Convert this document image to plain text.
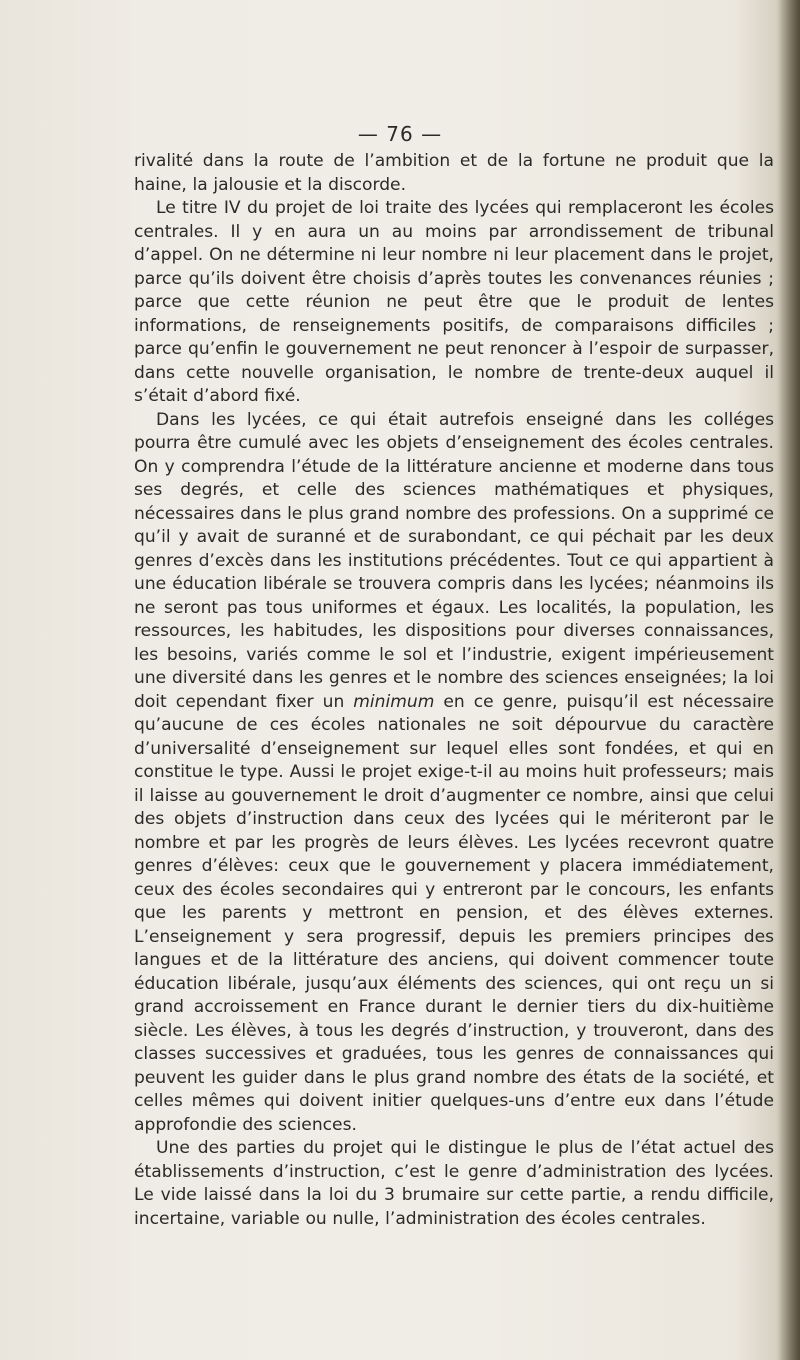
— 76 —

rivalité dans la route de l’ambition et de la fortune ne produit que la haine, la jalousie et la discorde.

Le titre IV du projet de loi traite des lycées qui remplaceront les écoles centrales. Il y en aura un au moins par arrondissement de tribunal d’appel. On ne détermine ni leur nombre ni leur placement dans le projet, parce qu’ils doivent être choisis d’après toutes les convenances réunies ; parce que cette réunion ne peut être que le produit de lentes informations, de renseignements positifs, de comparaisons difficiles ; parce qu’enfin le gouvernement ne peut renoncer à l’espoir de surpasser, dans cette nouvelle organisation, le nombre de trente-deux auquel il s’était d’abord fixé.

Dans les lycées, ce qui était autrefois enseigné dans les colléges pourra être cumulé avec les objets d’enseignement des écoles centrales. On y comprendra l’étude de la littérature ancienne et moderne dans tous ses degrés, et celle des sciences mathématiques et physiques, nécessaires dans le plus grand nombre des professions. On a supprimé ce qu’il y avait de suranné et de surabondant, ce qui péchait par les deux genres d’excès dans les institutions précédentes. Tout ce qui appartient à une éducation libérale se trouvera compris dans les lycées; néanmoins ils ne seront pas tous uniformes et égaux. Les localités, la population, les ressources, les habitudes, les dispositions pour diverses connaissances, les besoins, variés comme le sol et l’industrie, exigent impérieusement une diversité dans les genres et le nombre des sciences enseignées; la loi doit cependant fixer un minimum en ce genre, puisqu’il est nécessaire qu’aucune de ces écoles nationales ne soit dépourvue du caractère d’universalité d’enseignement sur lequel elles sont fondées, et qui en constitue le type. Aussi le projet exige-t-il au moins huit professeurs; mais il laisse au gouvernement le droit d’augmenter ce nombre, ainsi que celui des objets d’instruction dans ceux des lycées qui le mériteront par le nombre et par les progrès de leurs élèves. Les lycées recevront quatre genres d’élèves: ceux que le gouvernement y placera immédiatement, ceux des écoles secondaires qui y entreront par le concours, les enfants que les parents y mettront en pension, et des élèves externes. L’enseignement y sera progressif, depuis les premiers principes des langues et de la littérature des anciens, qui doivent commencer toute éducation libérale, jusqu’aux éléments des sciences, qui ont reçu un si grand accroissement en France durant le dernier tiers du dix-huitième siècle. Les élèves, à tous les degrés d’instruction, y trouveront, dans des classes successives et graduées, tous les genres de connaissances qui peuvent les guider dans le plus grand nombre des états de la société, et celles mêmes qui doivent initier quelques-uns d’entre eux dans l’étude approfondie des sciences.

Une des parties du projet qui le distingue le plus de l’état actuel des établissements d’instruction, c’est le genre d’administration des lycées. Le vide laissé dans la loi du 3 brumaire sur cette partie, a rendu difficile, incertaine, variable ou nulle, l’administration des écoles centrales.
